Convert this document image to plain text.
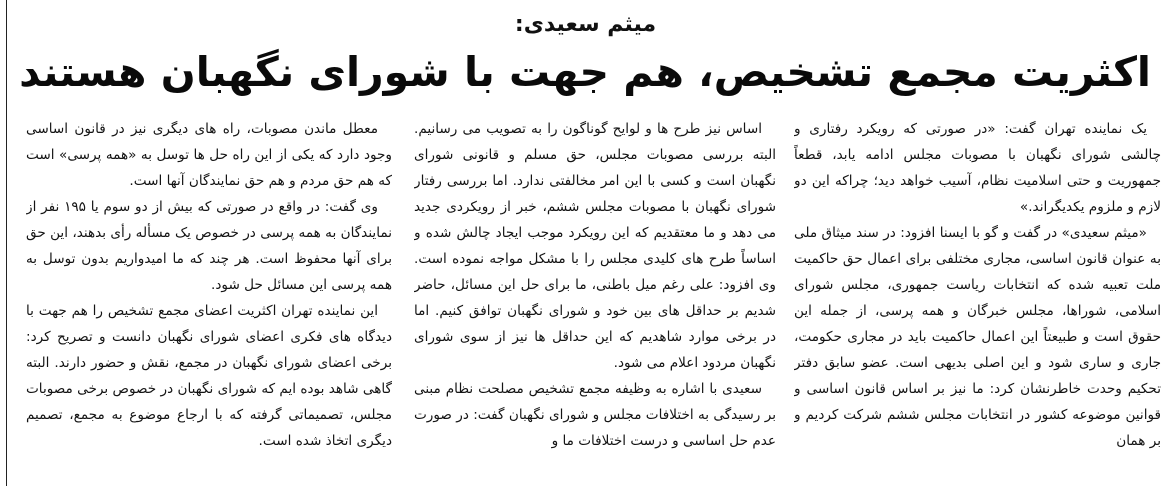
میثم سعیدی:
اکثریت مجمع تشخیص، هم جهت با شورای نگهبان هستند

یک نماینده تهران گفت: «در صورتی که رویکرد رفتاری و چالشی شورای نگهبان با مصوبات مجلس ادامه یابد، قطعاً جمهوریت و حتی اسلامیت نظام، آسیب خواهد دید؛ چراکه این دو لازم و ملزوم یکدیگراند.»

«میثم سعیدی» در گفت و گو با ایسنا افزود: در سند میثاق ملی به عنوان قانون اساسی، مجاری مختلفی برای اعمال حق حاکمیت ملت تعبیه شده که انتخابات ریاست جمهوری، مجلس شورای اسلامی، شوراها، مجلس خبرگان و همه پرسی، از جمله این حقوق است و طبیعتاً این اعمال حاکمیت باید در مجاری حکومت، جاری و ساری شود و این اصلی بدیهی است. عضو سابق دفتر تحکیم وحدت خاطرنشان کرد: ما نیز بر اساس قانون اساسی و قوانین موضوعه کشور در انتخابات مجلس ششم شرکت کردیم و بر همان

اساس نیز طرح ها و لوایح گوناگون را به تصویب می رسانیم. البته بررسی مصوبات مجلس، حق مسلم و قانونی شورای نگهبان است و کسی با این امر مخالفتی ندارد. اما بررسی رفتار شورای نگهبان با مصوبات مجلس ششم، خبر از رویکردی جدید می دهد و ما معتقدیم که این رویکرد موجب ایجاد چالش شده و اساساً طرح های کلیدی مجلس را با مشکل مواجه نموده است. وی افزود: علی رغم میل باطنی، ما برای حل این مسائل، حاضر شدیم بر حداقل های بین خود و شورای نگهبان توافق کنیم. اما در برخی موارد شاهدیم که این حداقل ها نیز از سوی شورای نگهبان مردود اعلام می شود.

سعیدی با اشاره به وظیفه مجمع تشخیص مصلحت نظام مبنی بر رسیدگی به اختلافات مجلس و شورای نگهبان گفت: در صورت عدم حل اساسی و درست اختلافات ما و

معطل ماندن مصوبات، راه های دیگری نیز در قانون اساسی وجود دارد که یکی از این راه حل ها توسل به «همه پرسی» است که هم حق مردم و هم حق نمایندگان آنها است.

وی گفت: در واقع در صورتی که بیش از دو سوم یا ۱۹۵ نفر از نمایندگان به همه پرسی در خصوص یک مسأله رأی بدهند، این حق برای آنها محفوظ است. هر چند که ما امیدواریم بدون توسل به همه پرسی این مسائل حل شود.

این نماینده تهران اکثریت اعضای مجمع تشخیص را هم جهت با دیدگاه های فکری اعضای شورای نگهبان دانست و تصریح کرد: برخی اعضای شورای نگهبان در مجمع، نقش و حضور دارند. البته گاهی شاهد بوده ایم که شورای نگهبان در خصوص برخی مصوبات مجلس، تصمیماتی گرفته که با ارجاع موضوع به مجمع، تصمیم دیگری اتخاذ شده است.
